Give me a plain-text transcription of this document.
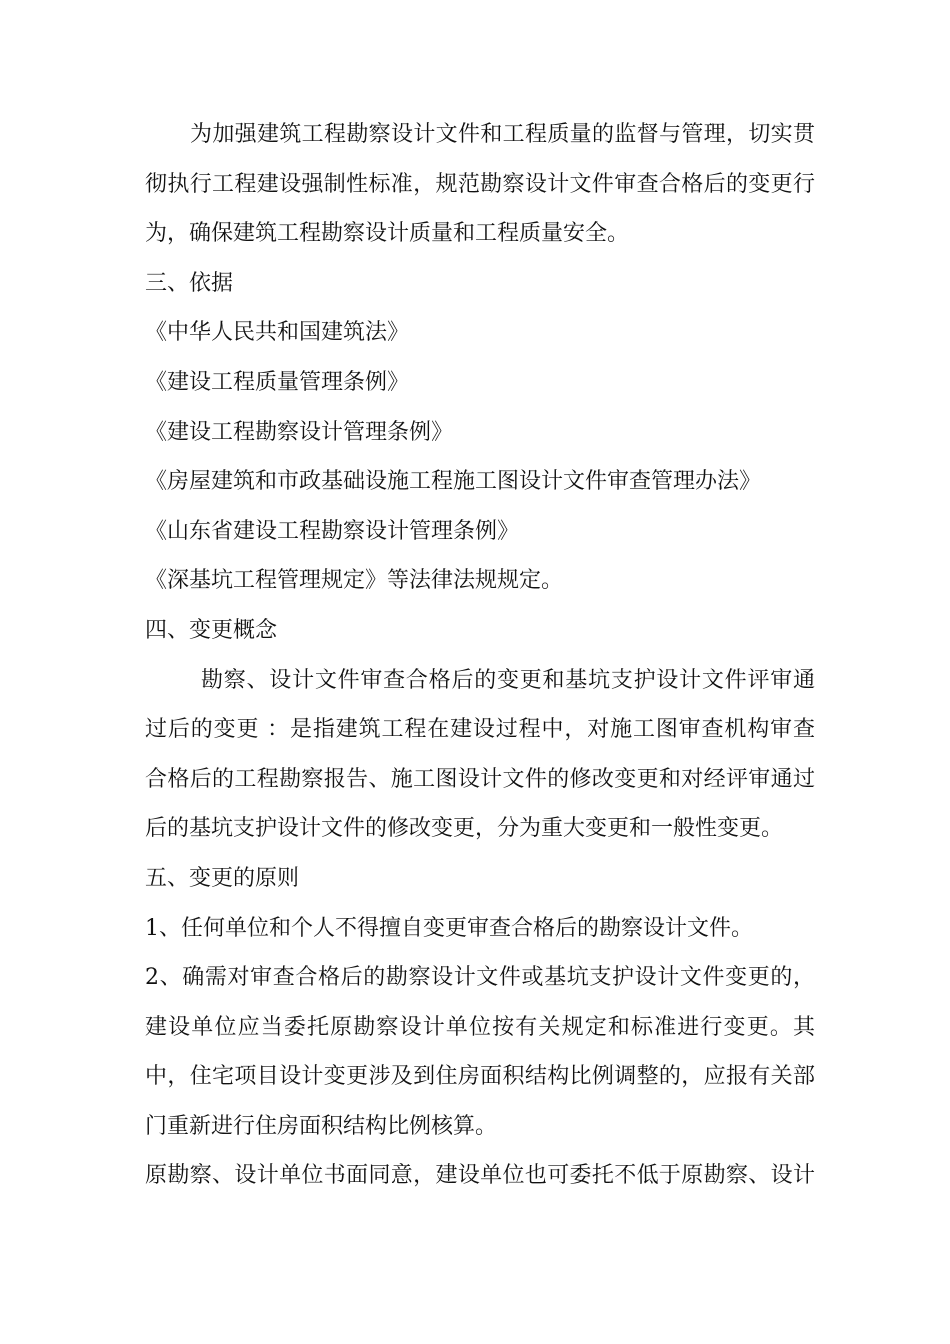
为加强建筑工程勘察设计文件和工程质量的监督与管理，切实贯
彻执行工程建设强制性标准，规范勘察设计文件审查合格后的变更行
为，确保建筑工程勘察设计质量和工程质量安全。
三、依据
《中华人民共和国建筑法》
《建设工程质量管理条例》
《建设工程勘察设计管理条例》
《房屋建筑和市政基础设施工程施工图设计文件审查管理办法》
《山东省建设工程勘察设计管理条例》
《深基坑工程管理规定》等法律法规规定。
四、变更概念
勘察、设计文件审查合格后的变更和基坑支护设计文件评审通
过后的变更 ：是指建筑工程在建设过程中，对施工图审查机构审查
合格后的工程勘察报告、施工图设计文件的修改变更和对经评审通过
后的基坑支护设计文件的修改变更，分为重大变更和一般性变更。
五、变更的原则
1、任何单位和个人不得擅自变更审查合格后的勘察设计文件。
2、确需对审查合格后的勘察设计文件或基坑支护设计文件变更的，
建设单位应当委托原勘察设计单位按有关规定和标准进行变更。其
中，住宅项目设计变更涉及到住房面积结构比例调整的，应报有关部
门重新进行住房面积结构比例核算。
原勘察、设计单位书面同意，建设单位也可委托不低于原勘察、设计
